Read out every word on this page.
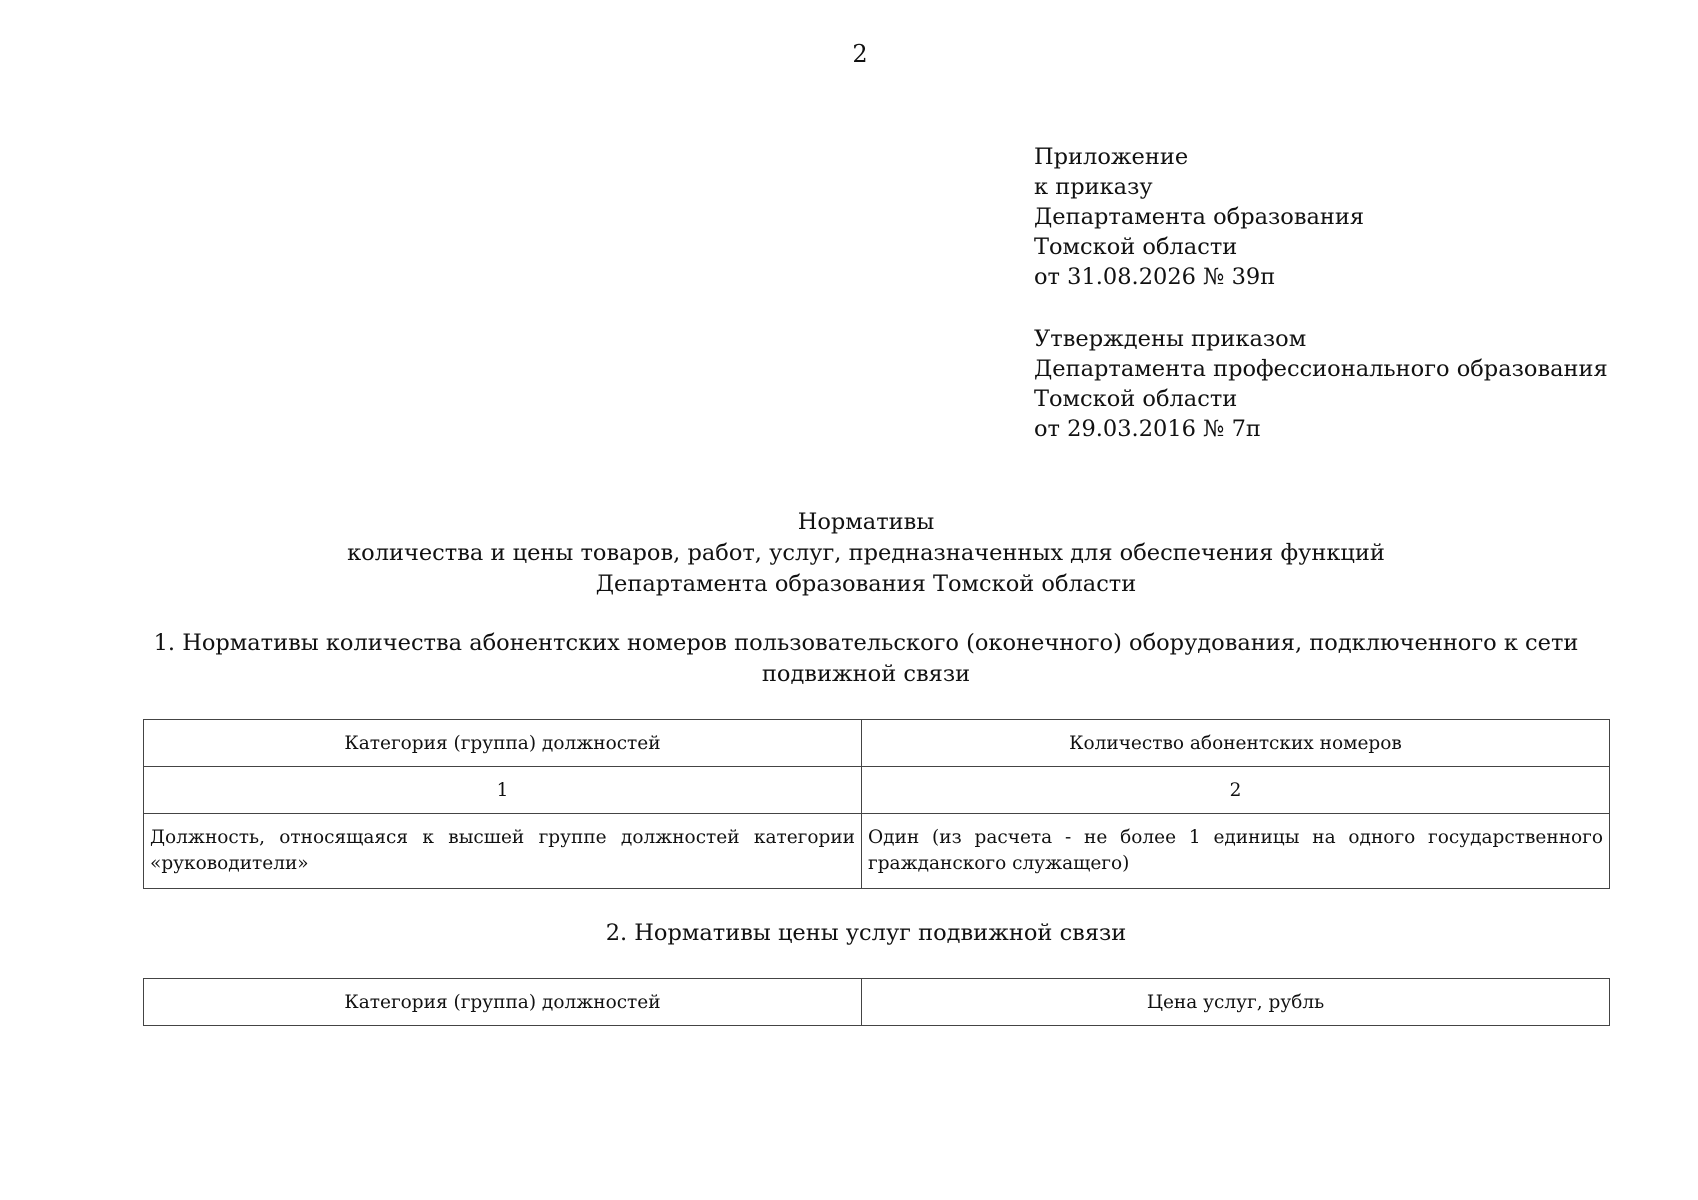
2
Приложение
к приказу
Департамента образования
Томской области
от 31.08.2026 № 39п
Утверждены приказом
Департамента профессионального образования
Томской области
от 29.03.2016 № 7п
Нормативы
количества и цены товаров, работ, услуг, предназначенных для обеспечения функций
Департамента образования Томской области
1. Нормативы количества абонентских номеров пользовательского (оконечного) оборудования, подключенного к сети подвижной связи
Категория (группа) должностей	Количество абонентских номеров
1	2
Должность, относящаяся к высшей группе должностей категории «руководители»	Один (из расчета - не более 1 единицы на одного государственного гражданского служащего)
2. Нормативы цены услуг подвижной связи
Категория (группа) должностей	Цена услуг, рубль
